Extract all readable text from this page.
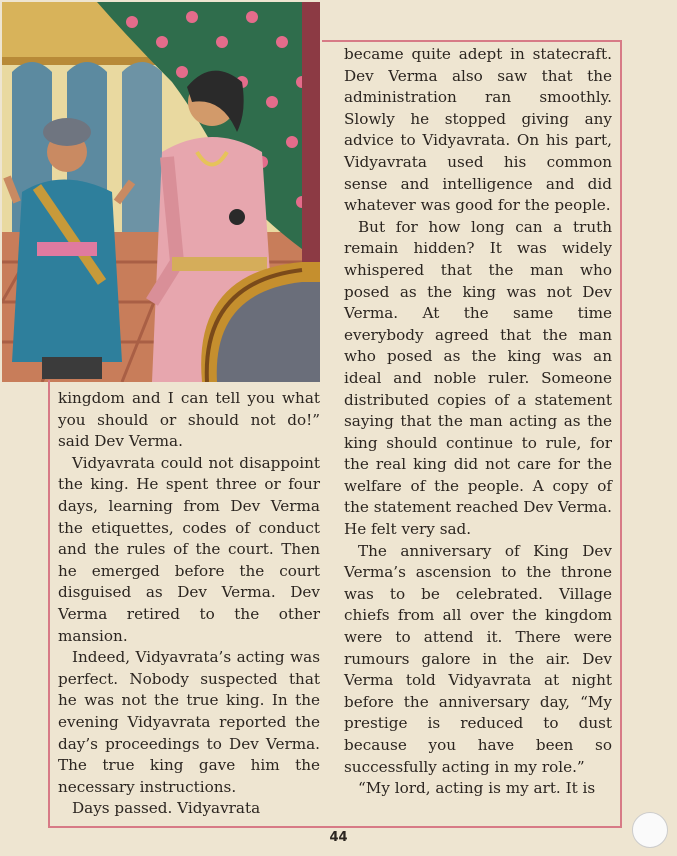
kingdom and I can tell you what you should or should not do!” said Dev Verma.

Vidyavrata could not disappoint the king. He spent three or four days, learning from Dev Verma the etiquettes, codes of conduct and the rules of the court. Then he emerged before the court disguised as Dev Verma. Dev Verma retired to the other mansion.

Indeed, Vidyavrata’s acting was perfect. Nobody suspected that he was not the true king. In the evening Vidyavrata reported the day’s proceedings to Dev Verma. The true king gave him the necessary instructions.

Days passed. Vidyavrata

became quite adept in statecraft. Dev Verma also saw that the administration ran smoothly. Slowly he stopped giving any advice to Vidyavrata. On his part, Vidyavrata used his common sense and intelligence and did whatever was good for the people.

But for how long can a truth remain hidden? It was widely whispered that the man who posed as the king was not Dev Verma. At the same time everybody agreed that the man who posed as the king was an ideal and noble ruler. Someone distributed copies of a statement saying that the man acting as the king should continue to rule, for the real king did not care for the welfare of the people. A copy of the statement reached Dev Verma. He felt very sad.

The anniversary of King Dev Verma’s ascension to the throne was to be celebrated. Village chiefs from all over the kingdom were to attend it. There were rumours galore in the air. Dev Verma told Vidyavrata at night before the anniversary day, “My prestige is reduced to dust because you have been so successfully acting in my role.”

“My lord, acting is my art. It is

44
